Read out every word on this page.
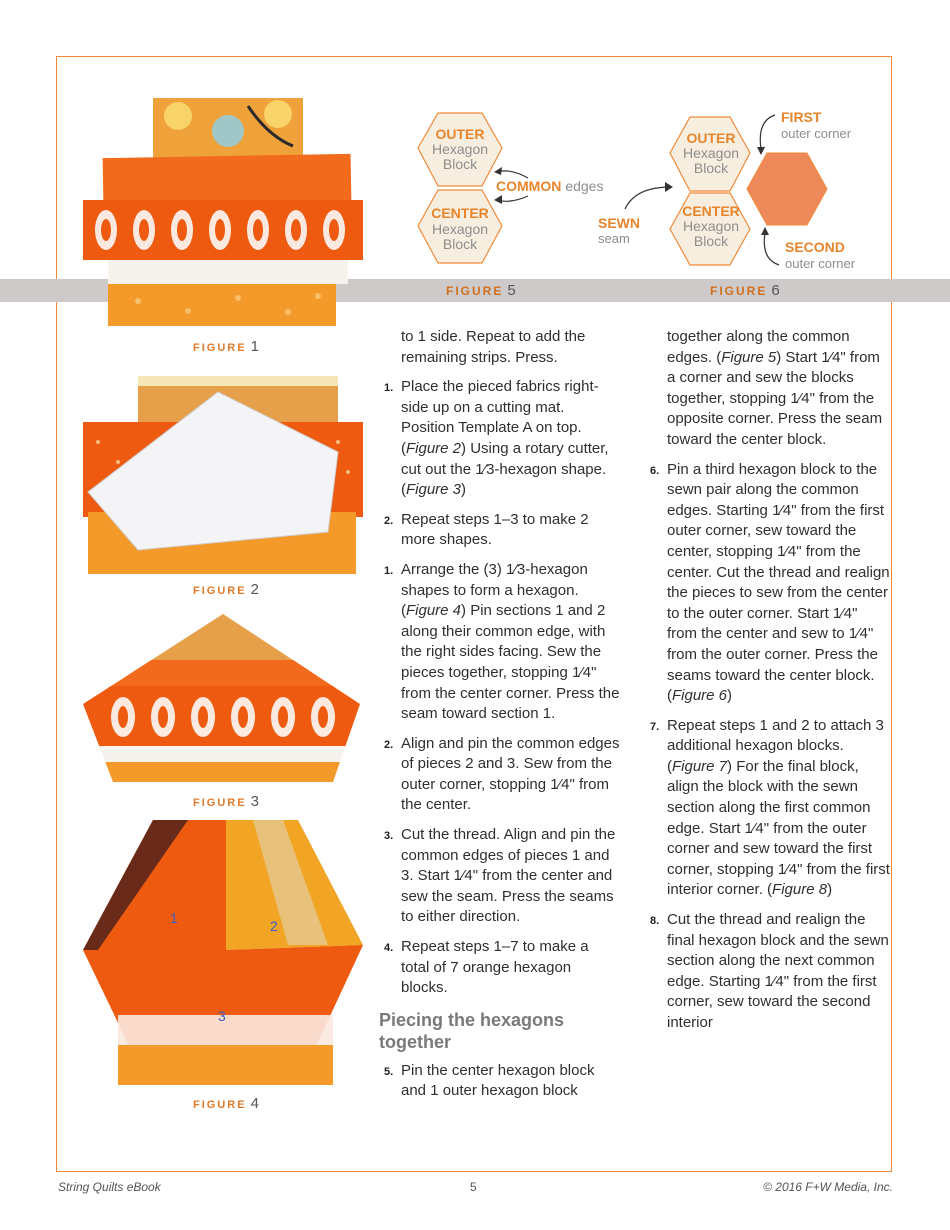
FIGURE 1
FIGURE 2
FIGURE 3
1	2
3
FIGURE 4
OUTER
Hexagon
Block
CENTER
Hexagon
Block
COMMON edges
OUTER
Hexagon
Block
CENTER
Hexagon
Block
FIRST
outer corner
SECOND
outer corner
SEWN
seam
FIGURE 5	FIGURE 6
to 1 side. Repeat to add the remaining strips. Press.
1. Place the pieced fabrics right-side up on a cutting mat. Position Template A on top. (Figure 2) Using a rotary cutter, cut out the 1⁄3-hexagon shape. (Figure 3)
2. Repeat steps 1–3 to make 2 more shapes.
1. Arrange the (3) 1⁄3-hexagon shapes to form a hexagon. (Figure 4) Pin sections 1 and 2 along their common edge, with the right sides facing. Sew the pieces together, stopping 1⁄4" from the center corner. Press the seam toward section 1.
2. Align and pin the common edges of pieces 2 and 3. Sew from the outer corner, stopping 1⁄4" from the center.
3. Cut the thread. Align and pin the common edges of pieces 1 and 3. Start 1⁄4" from the center and sew the seam. Press the seams to either direction.
4. Repeat steps 1–7 to make a total of 7 orange hexagon blocks.
Piecing the hexagons together
5. Pin the center hexagon block and 1 outer hexagon block
together along the common edges. (Figure 5) Start 1⁄4" from a corner and sew the blocks together, stopping 1⁄4" from the opposite corner. Press the seam toward the center block.
6. Pin a third hexagon block to the sewn pair along the common edges. Starting 1⁄4" from the first outer corner, sew toward the center, stopping 1⁄4" from the center. Cut the thread and realign the pieces to sew from the center to the outer corner. Start 1⁄4" from the center and sew to 1⁄4" from the outer corner. Press the seams toward the center block. (Figure 6)
7. Repeat steps 1 and 2 to attach 3 additional hexagon blocks. (Figure 7) For the final block, align the block with the sewn section along the first common edge. Start 1⁄4" from the outer corner and sew toward the first corner, stopping 1⁄4" from the first interior corner. (Figure 8)
8. Cut the thread and realign the final hexagon block and the sewn section along the next common edge. Starting 1⁄4" from the first corner, sew toward the second interior
String Quilts eBook	5	© 2016 F+W Media, Inc.
